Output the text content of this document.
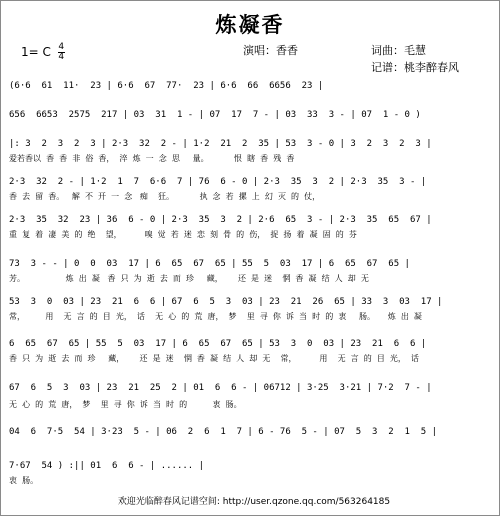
炼凝香
1= C $\frac{4}{4}$	演唱：香香	词曲：毛慧
记谱：桃李醉春风
(6·6  61  11·  23 | 6·6  67  77·  23 | 6·6  66  6656  23 |
656  6653  2575  217 | 03  31  1 - | 07  17  7 - | 03  33  3 - | 07  1 - 0 )
|: 3  2  3  2  3 | 2·3  32  2 - | 1·2  21  2  35 | 53  3 - 0 | 3  2  3  2  3 |
爱若香以  香  香  非  俗  香，  淬  炼  一  念  思     量。          恨  瞎  香  残  香
2·3  32  2 - | 1·2  1  7  6·6  7 | 76  6 - 0 | 2·3  35  3  2 | 2·3  35  3 - |
香  去  留  香。   解  不  开  一  念   痴    狂。          执  念  若  摞  上  幻  灭  的  仗，
2·3  35  32  23 | 36  6 - 0 | 2·3  35  3  2 | 2·6  65  3 - | 2·3  35  65  67 |
重  复  着  凄  美  的  绝    望，         嗅  觉  若  迷  恋  刻  骨  的  伤，  捉  扬  着  凝  固  的  芬
73  3 - - | 0  0  03  17 | 6  65  67  65 | 55  5  03  17 | 6  65  67  65 |
芳。                炼  出  凝   香  只  为  逝  去  而  珍     藏，      还  是  迷    惘  香  凝  结  人  却  无
53  3  0  03 | 23  21  6  6 | 67  6  5  3  03 | 23  21  26  65 | 33  3  03  17 |
常，        用    无  言  的  目  光，  话    无  心  的  荒  唐，  梦    里  寻  你  诉  当  时  的  衷     肠。     炼  出  凝
6  65  67  65 | 55  5  03  17 | 6  65  67  65 | 53  3  0  03 | 23  21  6  6 |
香  只  为  逝  去  而  珍     藏，      还  是  迷    惘  香  凝  结  人  却  无    常，         用    无  言  的  目  光，  话
67  6  5  3  03 | 23  21  25  2 | 01  6  6 - | 06712 | 3·25  3·21 | 7·2  7 - |
无  心  的  荒  唐，  梦    里  寻  你  诉  当  时  的          衷  肠。
04  6  7·5  54 | 3·23  5 - | 06  2  6  1  7 | 6 - 76  5 - | 07  5  3  2  1  5 |
7·67  54 ) :|| 01  6  6 - | ...... |
衷  肠。
欢迎光临醉春风记谱空间: http://user.qzone.qq.com/563264185
